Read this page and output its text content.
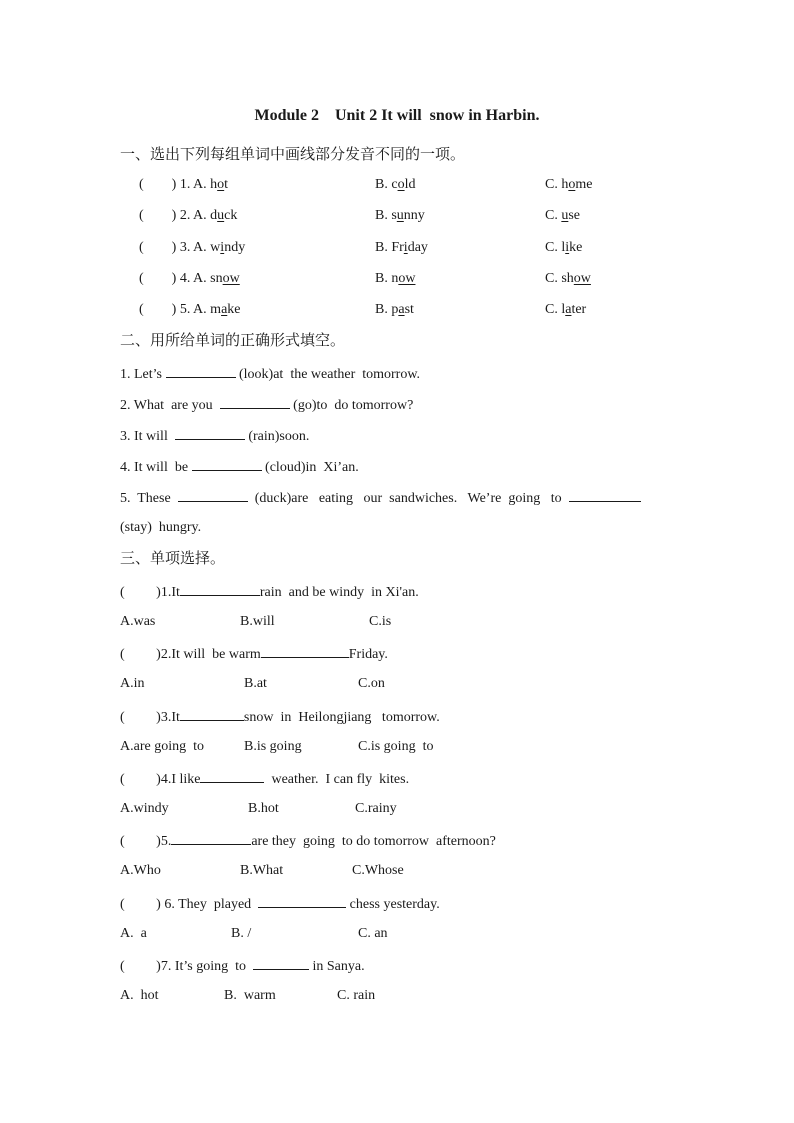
Module 2    Unit 2 It will  snow in Harbin.
一、选出下列每组单词中画线部分发音不同的一项。
(        ) 1. A. hot	B. cold	C. home
(        ) 2. A. duck	B. sunny	C. use
(        ) 3. A. windy	B. Friday	C. like
(        ) 4. A. snow	B. now	C. show
(        ) 5. A. make	B. past	C. later
二、用所给单词的正确形式填空。
1. Let’s	(look)at  the weather  tomorrow.
2. What  are you	(go)to  do tomorrow?
3. It will	(rain)soon.
4. It will  be	(cloud)in  Xi’an.
5.  These	(duck)are   eating   our  sandwiches.   We’re  going   to
(stay)  hungry.
三、单项选择。
(         )1.It	rain  and be windy  in Xi'an.
A.was	B.will	C.is
(         )2.It will  be warm	Friday.
A.in	B.at	C.on
(         )3.It	snow  in  Heilongjiang   tomorrow.
A.are going  to	B.is going	C.is going  to
(         )4.I like	weather.  I can fly  kites.
A.windy	B.hot	C.rainy
(         )5.	are they  going  to do tomorrow  afternoon?
A.Who	B.What	C.Whose
(         ) 6. They  played	chess yesterday.
A.  a	B. /	C. an
(         )7. It’s going  to	in Sanya.
A.  hot	B.  warm	C. rain
